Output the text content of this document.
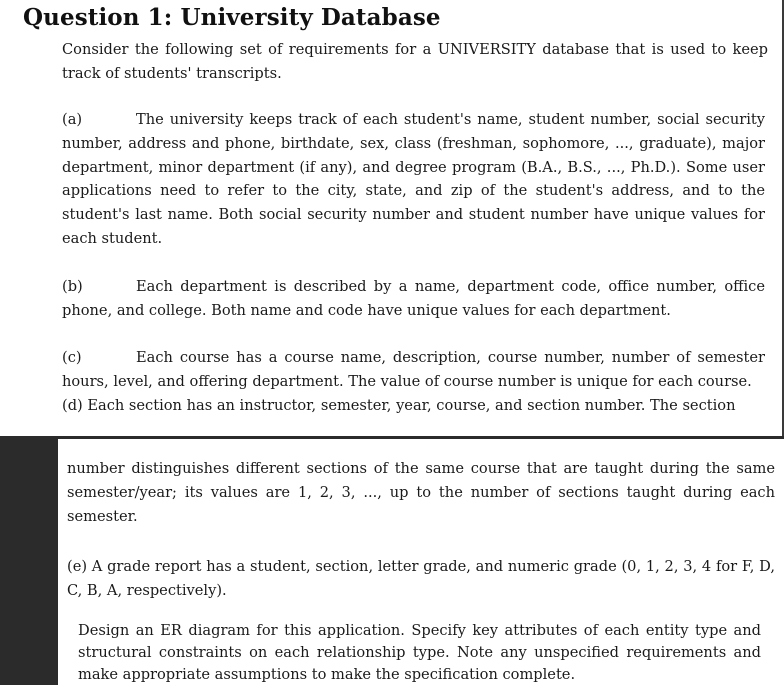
Question 1: University Database

Consider the following set of requirements for a UNIVERSITY database that is used to keep track of students' transcripts.

(a)	The university keeps track of each student's name, student number, social security number, address and phone, birthdate, sex, class (freshman, sophomore, ..., graduate), major department, minor department (if any), and degree program (B.A., B.S., ..., Ph.D.). Some user applications need to refer to the city, state, and zip of the student's address, and to the student's last name. Both social security number and student number have unique values for each student.

(b)	Each department is described by a name, department code, office number, office phone, and college. Both name and code have unique values for each department.

(c)	Each course has a course name, description, course number, number of semester hours, level, and offering department. The value of course number is unique for each course.
(d) Each section has an instructor, semester, year, course, and section number. The section

number distinguishes different sections of the same course that are taught during the same semester/year; its values are 1, 2, 3, ..., up to the number of sections taught during each semester.

(e) A grade report has a student, section, letter grade, and numeric grade (0, 1, 2, 3, 4 for F, D, C, B, A, respectively).

Design an ER diagram for this application. Specify key attributes of each entity type and structural constraints on each relationship type. Note any unspecified requirements and make appropriate assumptions to make the specification complete.
